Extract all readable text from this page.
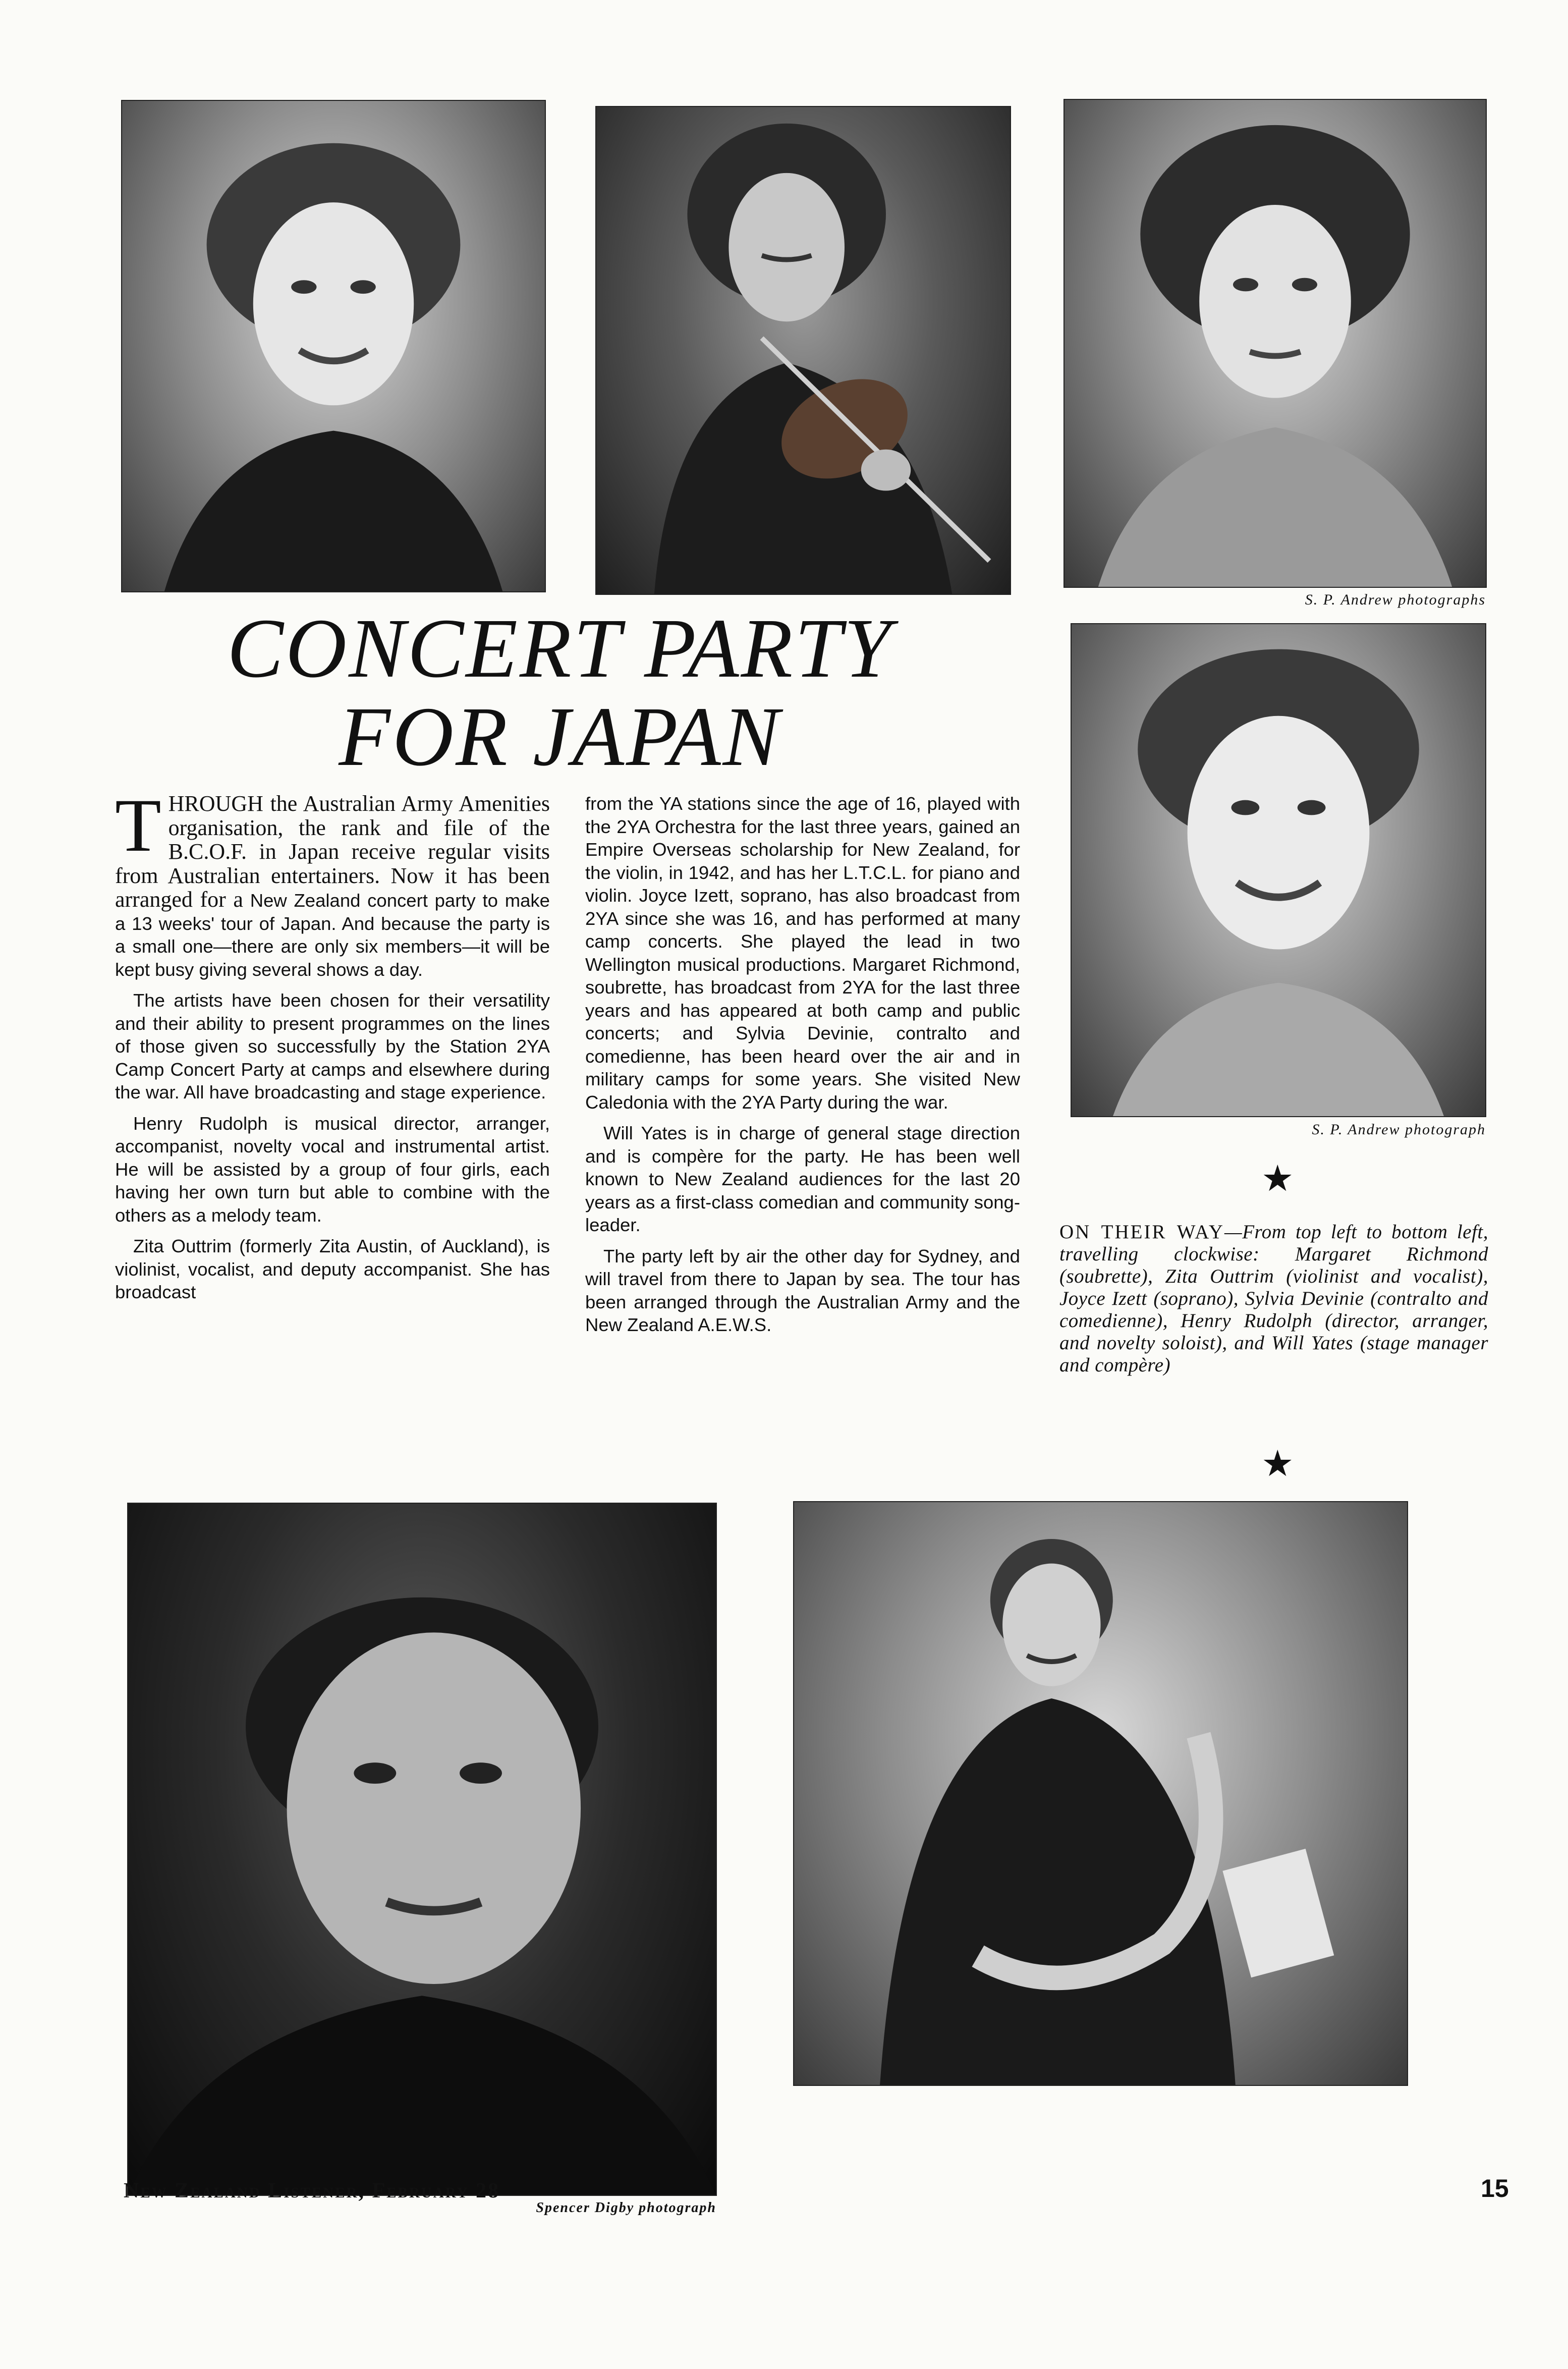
S. P. Andrew photographs
CONCERT PARTY
FOR JAPAN
S. P. Andrew photograph

THROUGH the Australian Army Amenities organisation, the rank and file of the B.C.O.F. in Japan receive regular visits from Australian entertainers. Now it has been arranged for a New Zealand concert party to make a 13 weeks' tour of Japan. And because the party is a small one—there are only six members—it will be kept busy giving several shows a day.

The artists have been chosen for their versatility and their ability to present programmes on the lines of those given so successfully by the Station 2YA Camp Concert Party at camps and elsewhere during the war. All have broadcasting and stage experience.

Henry Rudolph is musical director, arranger, accompanist, novelty vocal and instrumental artist. He will be assisted by a group of four girls, each having her own turn but able to combine with the others as a melody team.

Zita Outtrim (formerly Zita Austin, of Auckland), is violinist, vocalist, and deputy accompanist. She has broadcast

from the YA stations since the age of 16, played with the 2YA Orchestra for the last three years, gained an Empire Overseas scholarship for New Zealand, for the violin, in 1942, and has her L.T.C.L. for piano and violin. Joyce Izett, soprano, has also broadcast from 2YA since she was 16, and has performed at many camp concerts. She played the lead in two Wellington musical productions. Margaret Richmond, soubrette, has broadcast from 2YA for the last three years and has appeared at both camp and public concerts; and Sylvia Devinie, contralto and comedienne, has been heard over the air and in military camps for some years. She visited New Caledonia with the 2YA Party during the war.

Will Yates is in charge of general stage direction and is compère for the party. He has been well known to New Zealand audiences for the last 20 years as a first-class comedian and community song-leader.

The party left by air the other day for Sydney, and will travel from there to Japan by sea. The tour has been arranged through the Australian Army and the New Zealand A.E.W.S.

★
ON THEIR WAY—From top left to bottom left, travelling clockwise: Margaret Richmond (soubrette), Zita Outtrim (violinist and vocalist), Joyce Izett (soprano), Sylvia Devinie (contralto and comedienne), Henry Rudolph (director, arranger, and novelty soloist), and Will Yates (stage manager and compère)
★
Spencer Digby photograph
New Zealand Listener, February 28	15
